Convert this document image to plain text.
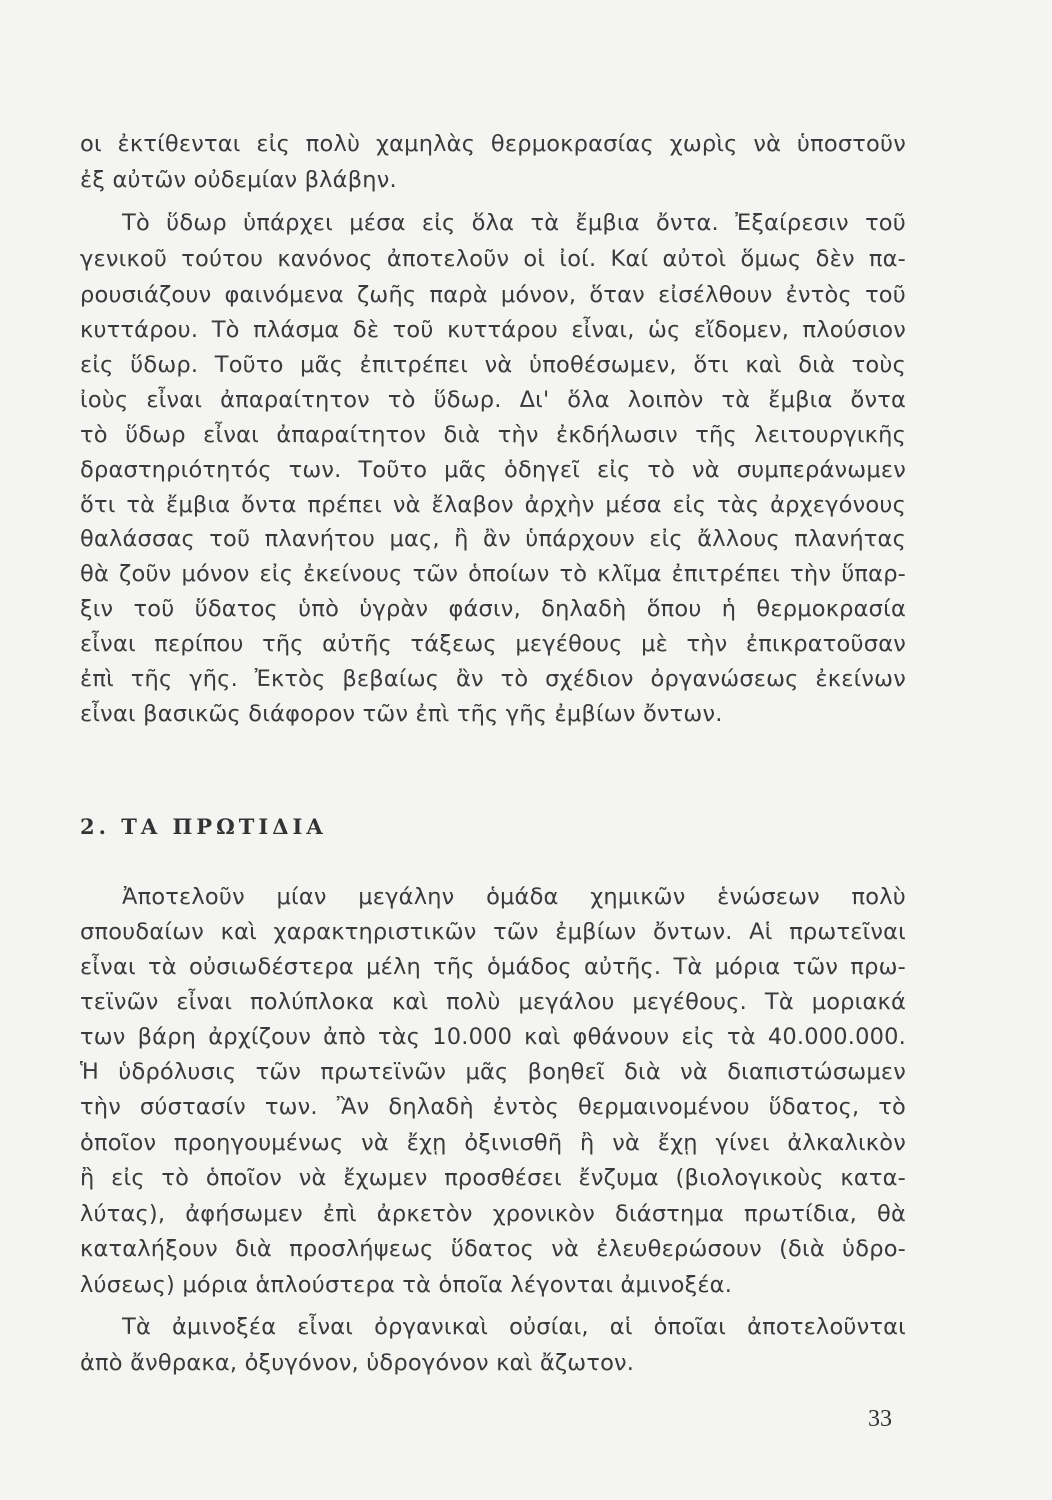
οι ἐκτίθενται εἰς πολὺ χαμηλὰς θερμοκρασίας χωρὶς νὰ ὑποστοῦν
ἐξ αὐτῶν οὐδεμίαν βλάβην.
Τὸ ὕδωρ ὑπάρχει μέσα εἰς ὅλα τὰ ἔμβια ὄντα. Ἐξαίρεσιν τοῦ
γενικοῦ τούτου κανόνος ἀποτελοῦν οἱ ἰοί. Καί αὐτοὶ ὅμως δὲν πα-
ρουσιάζουν φαινόμενα ζωῆς παρὰ μόνον, ὅταν εἰσέλθουν ἐντὸς τοῦ
κυττάρου. Τὸ πλάσμα δὲ τοῦ κυττάρου εἶναι, ὡς εἴδομεν, πλούσιον
εἰς ὕδωρ. Τοῦτο μᾶς ἐπιτρέπει νὰ ὑποθέσωμεν, ὅτι καὶ διὰ τοὺς
ἰοὺς εἶναι ἀπαραίτητον τὸ ὕδωρ. Δι' ὅλα λοιπὸν τὰ ἔμβια ὄντα
τὸ ὕδωρ εἶναι ἀπαραίτητον διὰ τὴν ἐκδήλωσιν τῆς λειτουργικῆς
δραστηριότητός των. Τοῦτο μᾶς ὁδηγεῖ εἰς τὸ νὰ συμπεράνωμεν
ὅτι τὰ ἔμβια ὄντα πρέπει νὰ ἔλαβον ἀρχὴν μέσα εἰς τὰς ἀρχεγόνους
θαλάσσας τοῦ πλανήτου μας, ἢ ἂν ὑπάρχουν εἰς ἄλλους πλανήτας
θὰ ζοῦν μόνον εἰς ἐκείνους τῶν ὁποίων τὸ κλῖμα ἐπιτρέπει τὴν ὕπαρ-
ξιν τοῦ ὕδατος ὑπὸ ὑγρὰν φάσιν, δηλαδὴ ὅπου ἡ θερμοκρασία
εἶναι περίπου τῆς αὐτῆς τάξεως μεγέθους μὲ τὴν ἐπικρατοῦσαν
ἐπὶ τῆς γῆς. Ἐκτὸς βεβαίως ἂν τὸ σχέδιον ὀργανώσεως ἐκείνων
εἶναι βασικῶς διάφορον τῶν ἐπὶ τῆς γῆς ἐμβίων ὄντων.
2. ΤΑ ΠΡΩΤΙΔΙΑ
Ἀποτελοῦν μίαν μεγάλην ὁμάδα χημικῶν ἑνώσεων πολὺ
σπουδαίων καὶ χαρακτηριστικῶν τῶν ἐμβίων ὄντων. Αἱ πρωτεῖναι
εἶναι τὰ οὐσιωδέστερα μέλη τῆς ὁμάδος αὐτῆς. Τὰ μόρια τῶν πρω-
τεϊνῶν εἶναι πολύπλοκα καὶ πολὺ μεγάλου μεγέθους. Τὰ μοριακά
των βάρη ἀρχίζουν ἀπὸ τὰς 10.000 καὶ φθάνουν εἰς τὰ 40.000.000.
Ἡ ὑδρόλυσις τῶν πρωτεϊνῶν μᾶς βοηθεῖ διὰ νὰ διαπιστώσωμεν
τὴν σύστασίν των. Ἂν δηλαδὴ ἐντὸς θερμαινομένου ὕδατος, τὸ
ὁποῖον προηγουμένως νὰ ἔχῃ ὀξινισθῆ ἢ νὰ ἔχῃ γίνει ἀλκαλικὸν
ἢ εἰς τὸ ὁποῖον νὰ ἔχωμεν προσθέσει ἔνζυμα (βιολογικοὺς κατα-
λύτας), ἀφήσωμεν ἐπὶ ἀρκετὸν χρονικὸν διάστημα πρωτίδια, θὰ
καταλήξουν διὰ προσλήψεως ὕδατος νὰ ἐλευθερώσουν (διὰ ὑδρο-
λύσεως) μόρια ἁπλούστερα τὰ ὁποῖα λέγονται ἀμινοξέα.
Τὰ ἀμινοξέα εἶναι ὀργανικαὶ οὐσίαι, αἱ ὁποῖαι ἀποτελοῦνται
ἀπὸ ἄνθρακα, ὀξυγόνον, ὑδρογόνον καὶ ἄζωτον.
33
